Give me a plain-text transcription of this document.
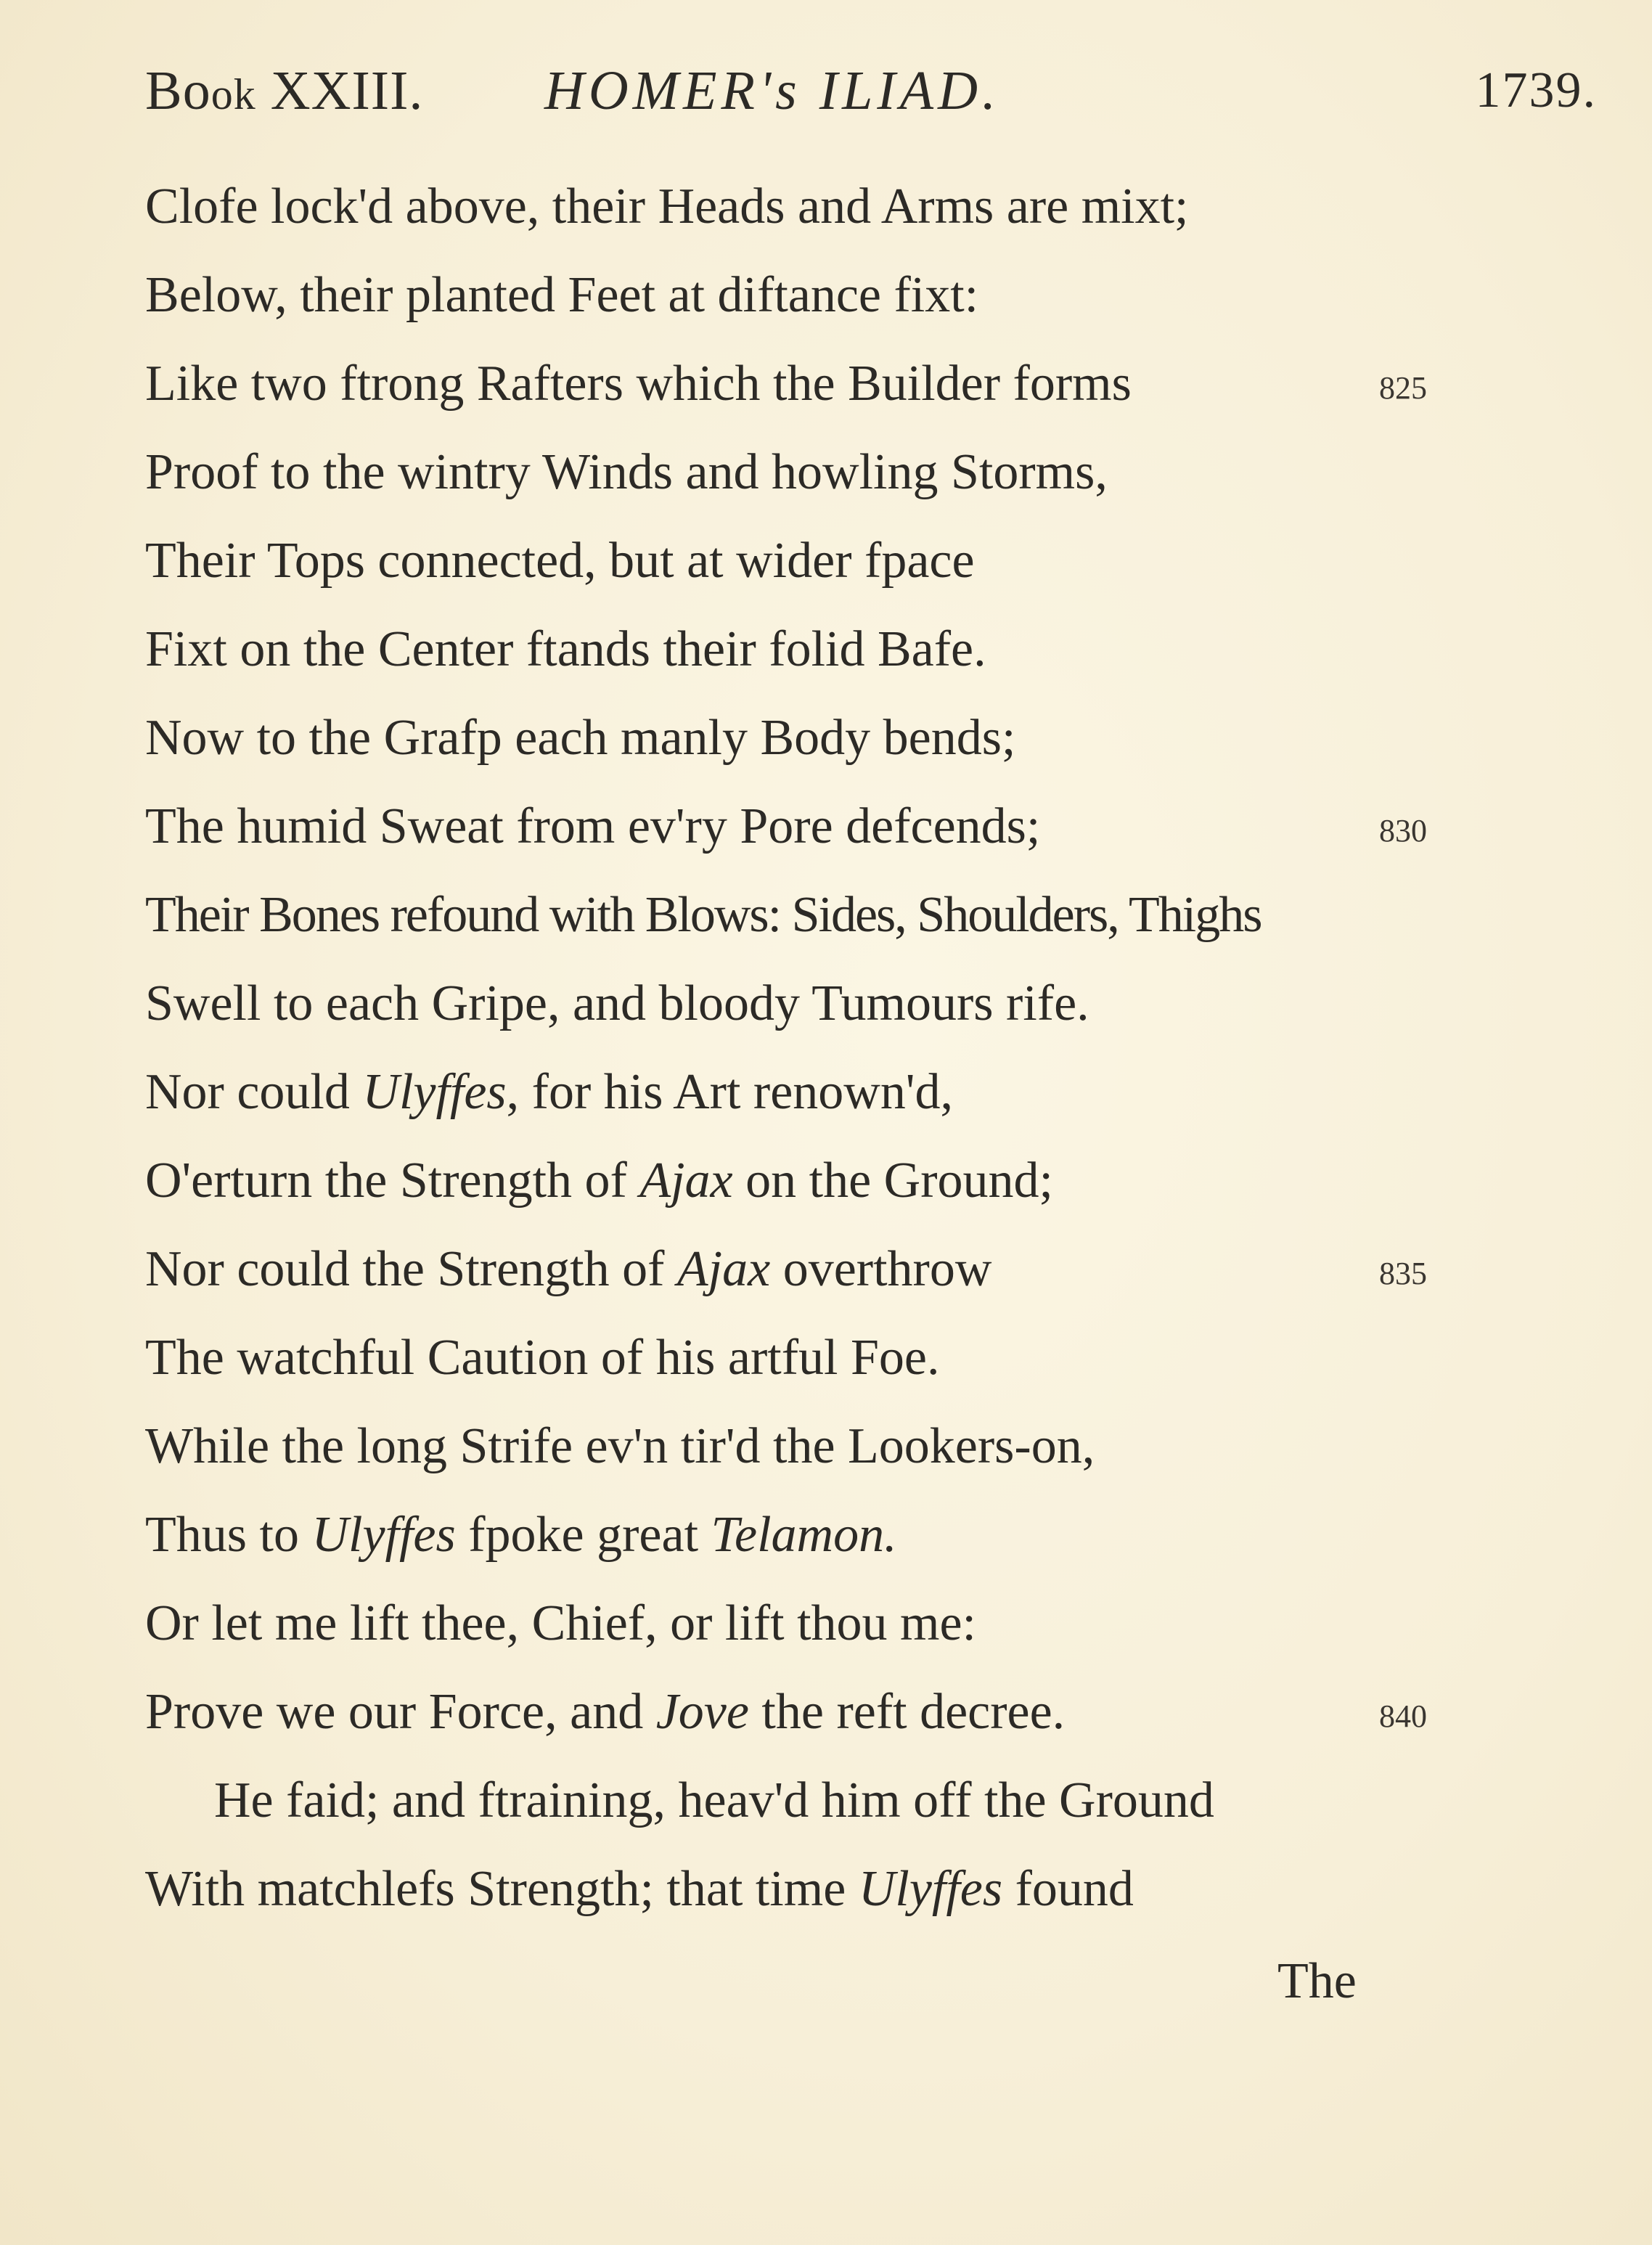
Book XXIII. HOMER's ILIAD.	1739.
Clofe lock'd above, their Heads and Arms are mixt;
Below, their planted Feet at diftance fixt:
Like two ftrong Rafters which the Builder forms
Proof to the wintry Winds and howling Storms,
Their Tops connected, but at wider fpace
Fixt on the Center ftands their folid Bafe.
Now to the Grafp each manly Body bends;
The humid Sweat from ev'ry Pore defcends;
Their Bones refound with Blows: Sides, Shoulders, Thighs
Swell to each Gripe, and bloody Tumours rife.
Nor could Ulyffes, for his Art renown'd,
O'erturn the Strength of Ajax on the Ground;
Nor could the Strength of Ajax overthrow
The watchful Caution of his artful Foe.
While the long Strife ev'n tir'd the Lookers-on,
Thus to Ulyffes fpoke great Telamon.
Or let me lift thee, Chief, or lift thou me:
Prove we our Force, and Jove the reft decree.
He faid; and ftraining, heav'd him off the Ground
With matchlefs Strength; that time Ulyffes found
825
830
835
840
The
